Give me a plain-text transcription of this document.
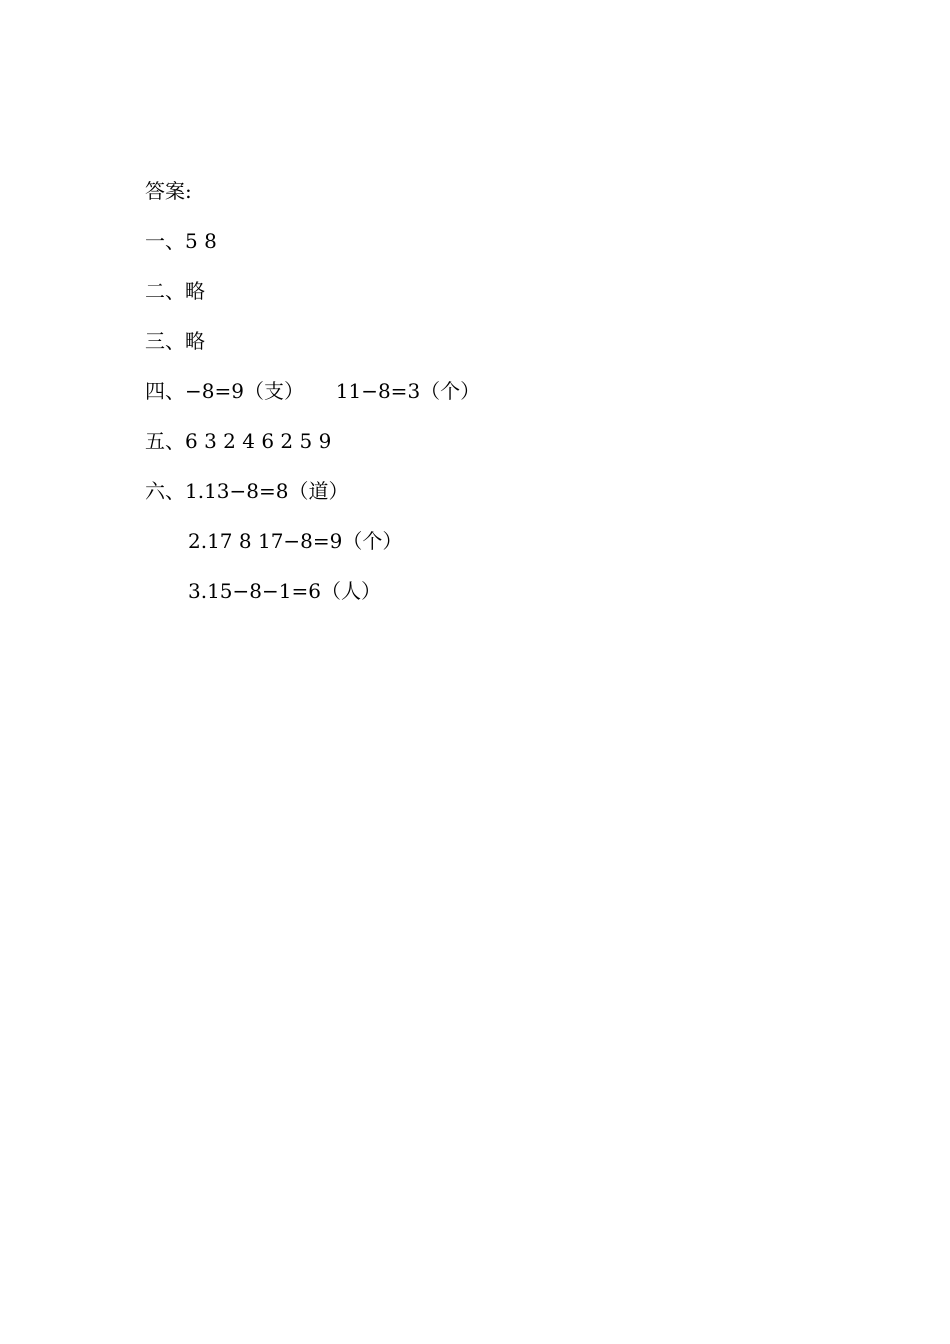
答案:
一、5 8
二、略
三、略
四、−8=9（支）     11−8=3（个）
五、6 3 2 4 6 2 5 9
六、1.13−8=8（道）
2.17 8 17−8=9（个）
3.15−8−1=6（人）
